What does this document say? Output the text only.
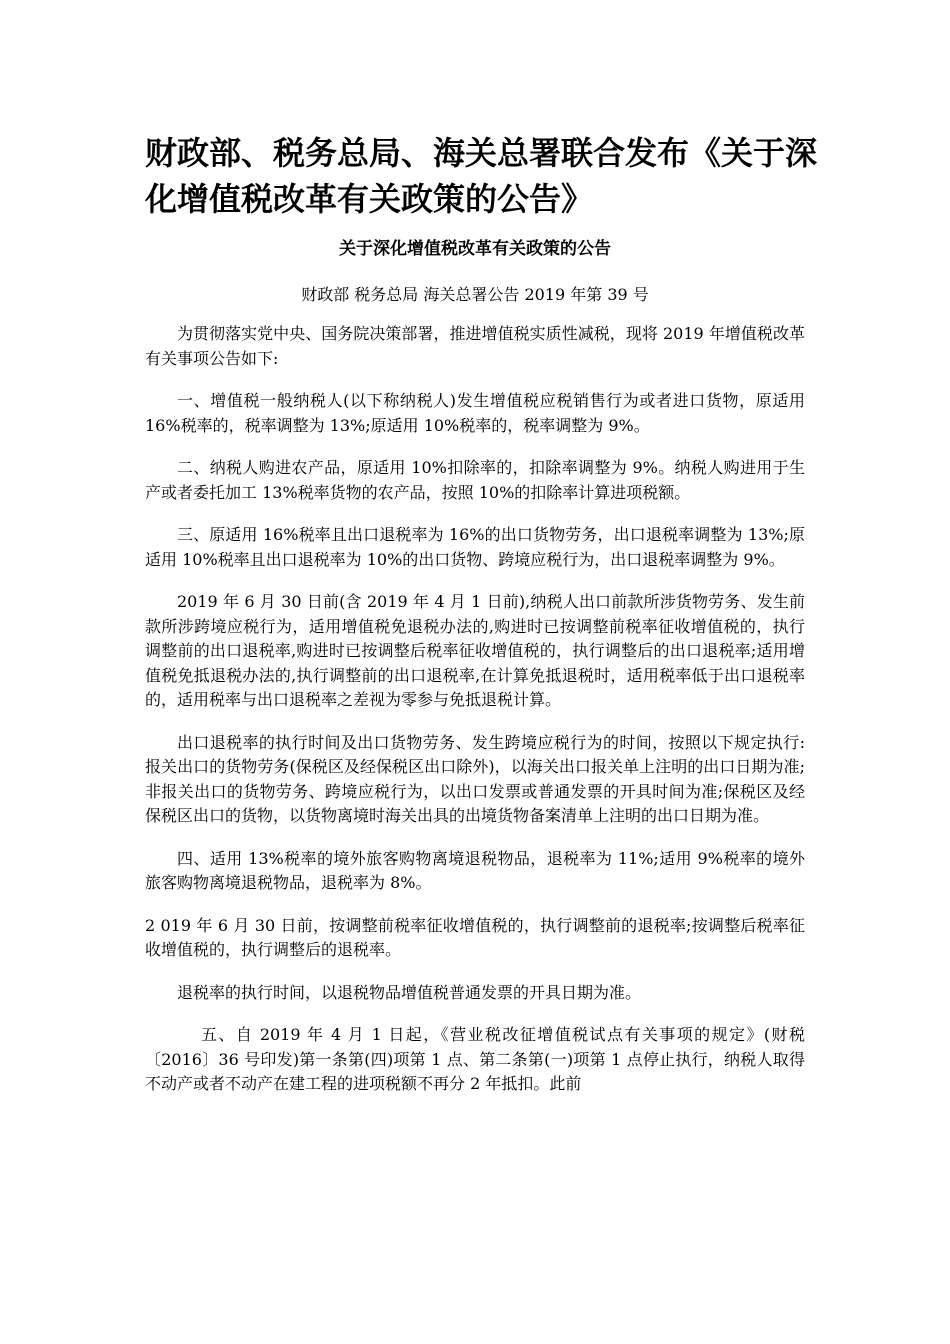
财政部、税务总局、海关总署联合发布《关于深化增值税改革有关政策的公告》

关于深化增值税改革有关政策的公告

财政部 税务总局 海关总署公告 2019 年第 39 号

为贯彻落实党中央、国务院决策部署，推进增值税实质性减税，现将 2019 年增值税改革有关事项公告如下:

一、增值税一般纳税人(以下称纳税人)发生增值税应税销售行为或者进口货物，原适用 16%税率的，税率调整为 13%;原适用 10%税率的，税率调整为 9%。

二、纳税人购进农产品，原适用 10%扣除率的，扣除率调整为 9%。纳税人购进用于生产或者委托加工 13%税率货物的农产品，按照 10%的扣除率计算进项税额。

三、原适用 16%税率且出口退税率为 16%的出口货物劳务，出口退税率调整为 13%;原适用 10%税率且出口退税率为 10%的出口货物、跨境应税行为，出口退税率调整为 9%。

2019 年 6 月 30 日前(含 2019 年 4 月 1 日前),纳税人出口前款所涉货物劳务、发生前款所涉跨境应税行为，适用增值税免退税办法的,购进时已按调整前税率征收增值税的，执行调整前的出口退税率,购进时已按调整后税率征收增值税的，执行调整后的出口退税率;适用增值税免抵退税办法的,执行调整前的出口退税率,在计算免抵退税时，适用税率低于出口退税率的，适用税率与出口退税率之差视为零参与免抵退税计算。

出口退税率的执行时间及出口货物劳务、发生跨境应税行为的时间，按照以下规定执行:报关出口的货物劳务(保税区及经保税区出口除外)，以海关出口报关单上注明的出口日期为准;非报关出口的货物劳务、跨境应税行为，以出口发票或普通发票的开具时间为准;保税区及经保税区出口的货物，以货物离境时海关出具的出境货物备案清单上注明的出口日期为准。

四、适用 13%税率的境外旅客购物离境退税物品，退税率为 11%;适用 9%税率的境外旅客购物离境退税物品，退税率为 8%。

2 019 年 6 月 30 日前，按调整前税率征收增值税的，执行调整前的退税率;按调整后税率征收增值税的，执行调整后的退税率。

退税率的执行时间，以退税物品增值税普通发票的开具日期为准。

五、自 2019 年 4 月 1 日起，《营业税改征增值税试点有关事项的规定》(财税〔2016〕36 号印发)第一条第(四)项第 1 点、第二条第(一)项第 1 点停止执行，纳税人取得不动产或者不动产在建工程的进项税额不再分 2 年抵扣。此前
